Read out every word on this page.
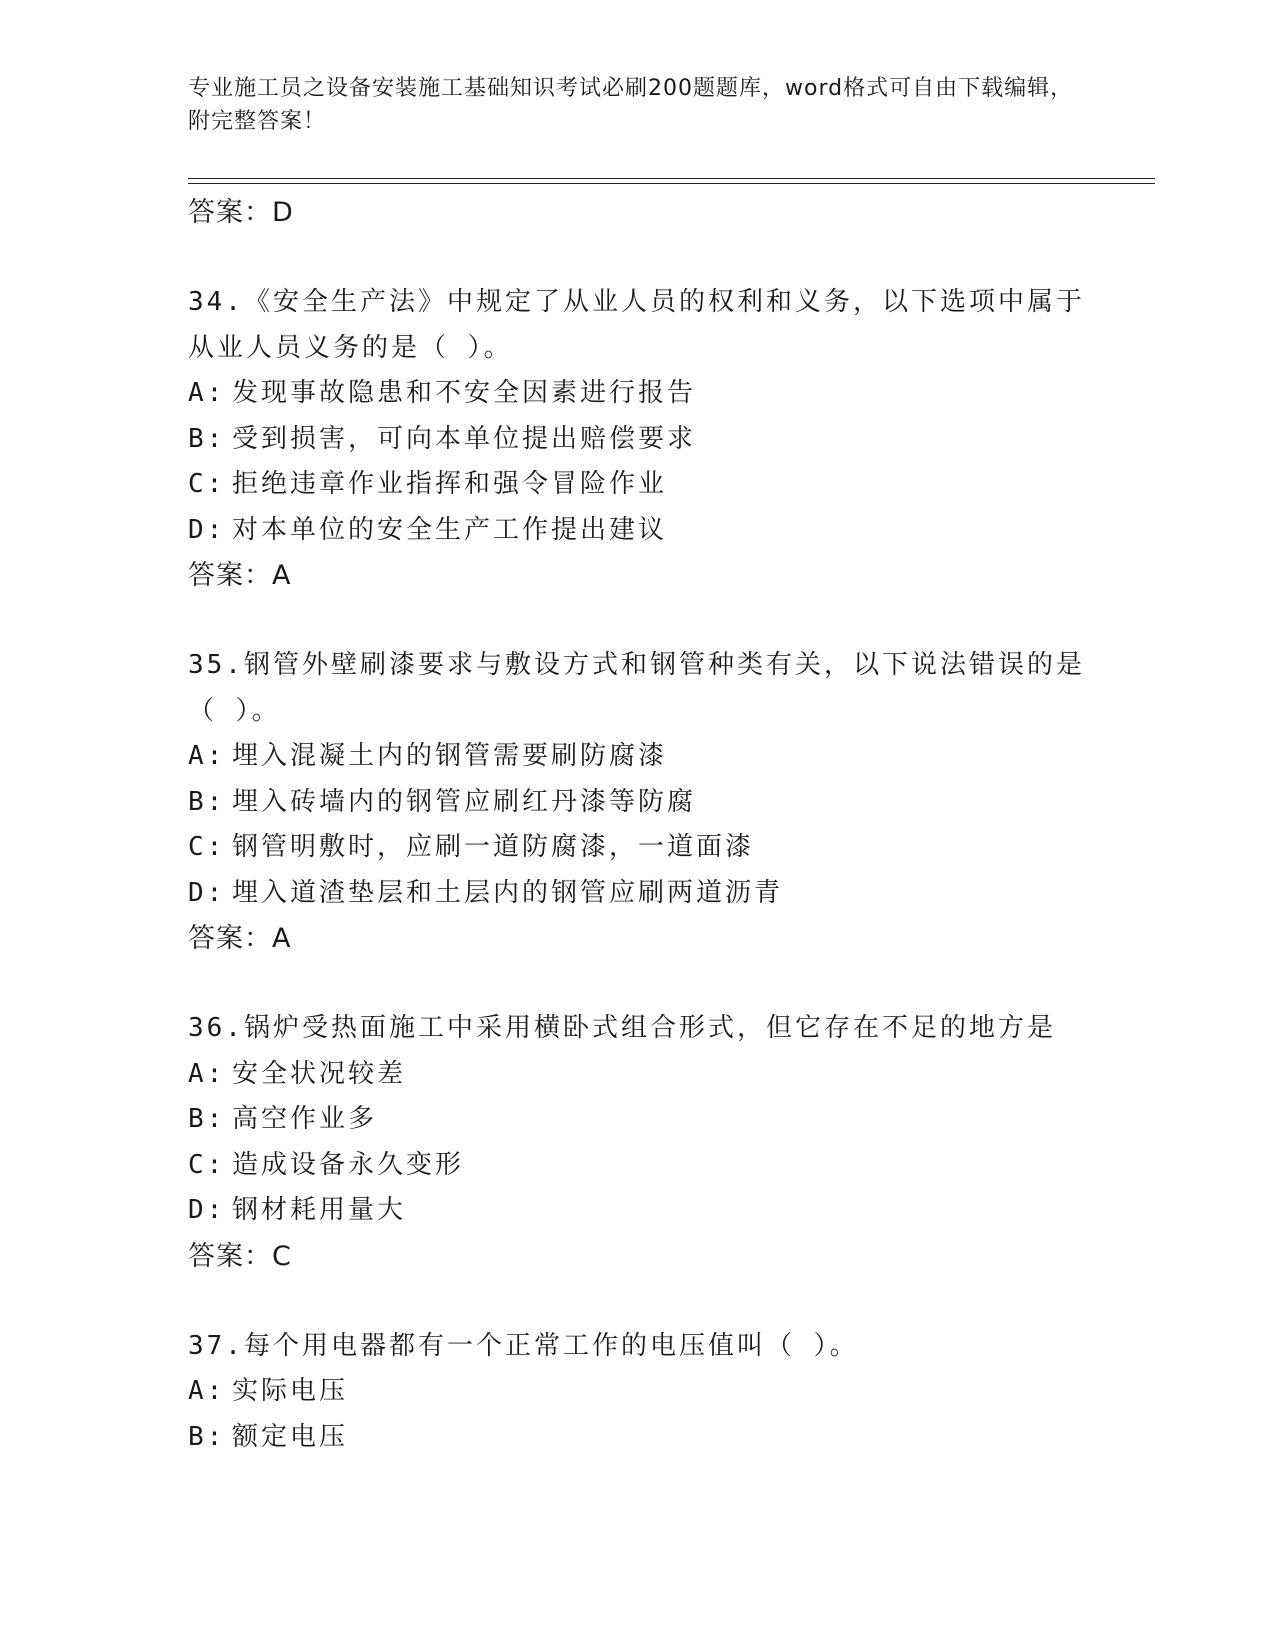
专业施工员之设备安装施工基础知识考试必刷200题题库，word格式可自由下载编辑，附完整答案！
答案：D
34.《安全生产法》中规定了从业人员的权利和义务，以下选项中属于从业人员义务的是（ ）。
A: 发现事故隐患和不安全因素进行报告
B: 受到损害，可向本单位提出赔偿要求
C: 拒绝违章作业指挥和强令冒险作业
D: 对本单位的安全生产工作提出建议
答案：A
35.钢管外壁刷漆要求与敷设方式和钢管种类有关，以下说法错误的是（ ）。
A: 埋入混凝土内的钢管需要刷防腐漆
B: 埋入砖墙内的钢管应刷红丹漆等防腐
C: 钢管明敷时，应刷一道防腐漆，一道面漆
D: 埋入道渣垫层和土层内的钢管应刷两道沥青
答案：A
36.锅炉受热面施工中采用横卧式组合形式，但它存在不足的地方是
A: 安全状况较差
B: 高空作业多
C: 造成设备永久变形
D: 钢材耗用量大
答案：C
37.每个用电器都有一个正常工作的电压值叫（ ）。
A: 实际电压
B: 额定电压
